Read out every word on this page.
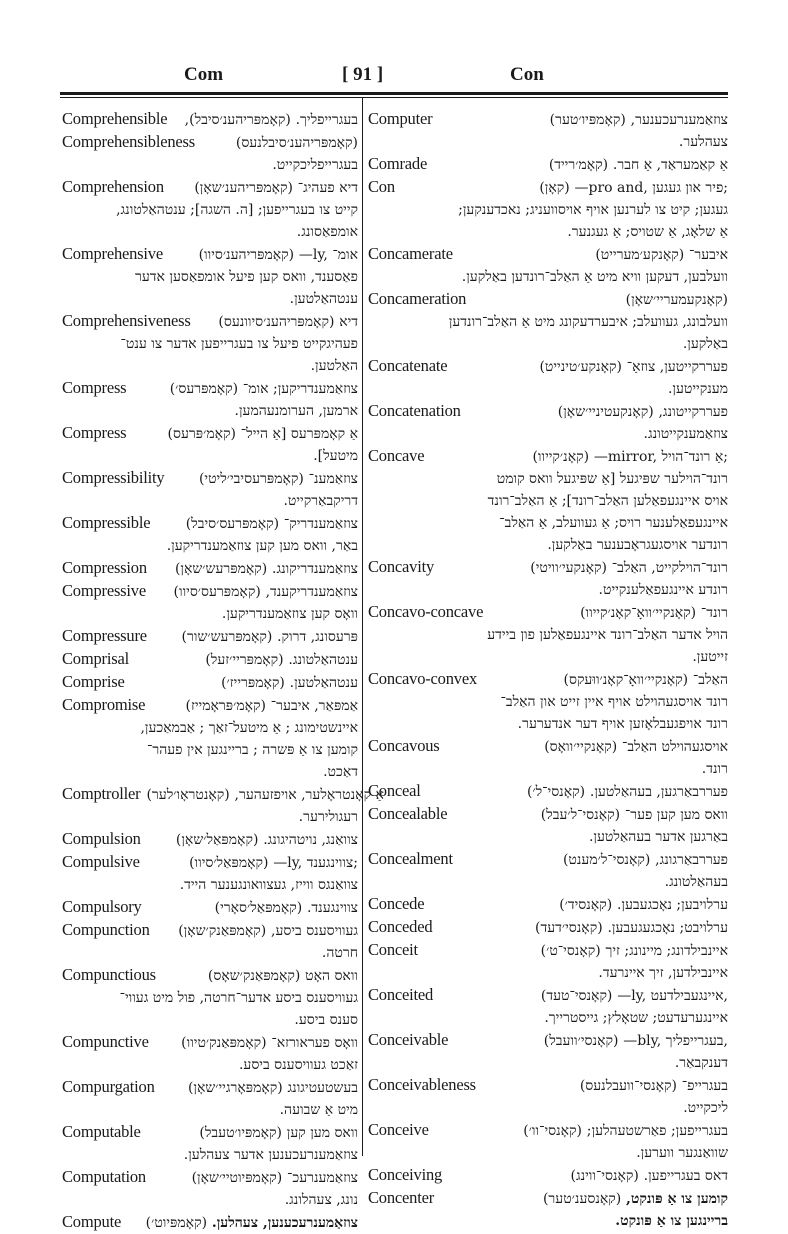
Com	[ 91 ]	Con
Comprehensible	בעגרייפליך. (קאָמפּריהענ׳סיבל),
Comprehensibleness	(קאָמפּריהענ׳סיבלנעס)
בעגרייפליכקייט.
Comprehension	דיא פעהיג־ (קאָמפּריהענ׳שאָן)
קייט צו בעגרייפען; [ה. השגה]; ענטהאַלטונג,
אומפאַסונג.
Comprehensive	—ly, אומ־ (קאָמפּריהענ׳סיוו)
פאַסענד, וואס קען פיעל אומפאַסען אדער
ענטהאַלטען.
Comprehensiveness	דיא (קאָמפּריהענ׳סיוונעס)
פעהיגקייט פיעל צו בעגרייפען אדער צו ענט־
האַלטען.
Compress	צוזאַמענדריקען; אומ־ (קאָמפּרעס׳)
ארמען, הערומנעהמען.
Compress	אַ קאָמפּרעס [אַ הייל־ (קאָמ׳פּרעס)
מיטעל].
Compressibility	צוזאַמענ־ (קאָמפּרעסיבי׳ליטי)
דריקבאַרקייט.
Compressible	צוזאַמענדריק־ (קאָמפּרעס׳סיבל)
באַר, וואס מען קען צוזאַמענדריקען.
Compression	צוזאַמענדריקונג. (קאָמפּרעש׳שאָן)
Compressive	צוזאַמענדריקענד, (קאָמפּרעס׳סיוו)
וואָס קען צוזאַמענדריקען.
Compressure	פּרעסונג, דרוק. (קאָמפּרעש׳שור)
Comprisal	ענטהאַלטונג. (קאָמפּריי׳זעל)
Comprise	ענטהאַלטען. (קאָמפּרייז׳)
Compromise	אַמפּאַר, איבער־ (קאָמ׳פּראָמייז)
איינשטימונג ; אַ מיטעל־זאַך ; אַבמאַכען,
קומען צו אַ פּשרה ; בריינגען אין פעהר־
דאַכט.
Comptroller	אַ קאָנטראָלער, אויפזעהער, (קאָנטראָו׳לער)
רעגולירער.
Compulsion	צוואַנג, נויטהיגונג. (קאָמפּאַל׳שאָן)
Compulsive	—ly, צווינגענד; (קאָמפּאַל׳סיוו)
צוואַנגס ווייז, געצוואונגענער הייד.
Compulsory	צווינגענד. (קאָמפּאַל׳סאָרי)
Compunction	געוויסענס ביסע, (קאָמפּאַנק׳שאָן)
חרטה.
Compunctious	וואס האָט (קאָמפּאַנק׳שאָס)
געוויסענס ביסע אדער־חרטה, פול מיט געווי־
סענס ביסע.
Compunctive	וואָס פעראורזא־ (קאָמפּאַנק׳טיוו)
זאַכט געוויסענס ביסע.
Compurgation	בעשטעטיגונג (קאָמפּאָרגיי׳שאָן)
מיט אַ שבועה.
Computable	וואס מען קען (קאָמפּיו׳טעבל)
צוזאַמענרעכענען אדער צעהלען.
Computation	צוזאַמענרעכ־ (קאָמפּיוטיי׳שאָן)
נונג, צעהלונג.
Compute	צוזאַמענרעכענען, צעהלען. (קאָמפּיוט׳)
Computer	צוזאַמענרעכענער, (קאָמפּיו׳טער)
צעהלער.
Comrade	אַ קאַמעראַד, אַ חבר. (קאָמ׳רייד)
Con	—pro and, פיר און געגען; (קאָן)
געגען; קיט צו לערנען אויף אויסוועניג; נאכדענקען;
אַ שלאָג, אַ שטויס; אַ געגנער.
Concamerate	איבער־ (קאָנקע׳מערייט)
וועלבען, דעקען וויא מיט אַ האַלב־רונדען באַלקען.
Concameration	(קאָנקעמעריי׳שאָן)
וועלבונג, געוועלב; איבערדעקונג מיט אַ האַלב־רונדען
באַלקען.
Concatenate	פעררקייטען, צוזאַ־ (קאָנקע׳טינייט)
מענקייטען.
Concatenation	פעררקייטונג, (קאָנקעטיניי׳שאָן)
צוזאַמענקייטונג.
Concave	—mirror, אַ רונד־הויל; (קאָנ׳קייוו)
רונד־הוילער שפּיגעל [אַ שפּיגעל וואס קומט
אויס איינגעפאַלען האַלב־רונד]; אַ האַלב־רונד
איינגעפאַלענער רויס; אַ געוועלב, אַ האַלב־
רונדער אויסגעגראָבענער באַלקען.
Concavity	רונד־הוילקייט, האַלב־ (קאָנקעי׳וויטי)
רונדע איינגעפאַלענקייט.
Concavo-concave	רונד־ (קאָנקיי׳וואָ־קאָנ׳קייוו)
הויל אדער האַלב־רונד איינגעפאַלען פון ביידע
זייטען.
Concavo-convex	האַלב־ (קאָנקיי׳וואָ־קאָנ׳ווּעקס)
רונד אויסגעהוילט אויף איין זייט און האַלב־
רונד אויפגעבלאָזען אויף דער אנדערער.
Concavous	אויסגעהוילט האַלב־ (קאָנקיי׳וואָס)
רונד.
Conceal	פעררבאַרגען, בעהאַלטען. (קאָנסי־ל׳)
Concealable	וואס מען קען פער־ (קאָנסי־ל׳עבל)
באַרגען אדער בעהאַלטען.
Concealment	פעררבאַרגונג, (קאָנסי־ל׳מענט)
בעהאַלטונג.
Concede	ערלויבען; נאָכגעבען. (קאָנסיד׳)
Conceded	ערלויבט; נאָכגעגעבען. (קאָנסי׳דעד)
Conceit	איינבילדונג; מיינונג; זיך (קאָנסי־ט׳)
איינבילדען, זיך איינרעד.
Conceited	—ly, איינגעבילדעט, (קאָנסי־טעד)
איינגערעדעט; שטאָלץ; גייסטרייך.
Conceivable	—bly, בעגרייפליך, (קאָנסי׳וועבל)
דענקבאַר.
Conceivableness	בעגרייפ־ (קאָנסי־וועבלנעס)
ליכקייט.
Conceive	בעגרייפען; פאַרשטעהלען; (קאָנסי־וו׳)
שוואַנגער ווערען.
Conceiving	דאס בעגרייפען. (קאָנסי־ווינג)
Concenter	קומען צו אַ פּונקט, (קאָנסענ׳טער)
בריינגען צו אַ פּונקט.
